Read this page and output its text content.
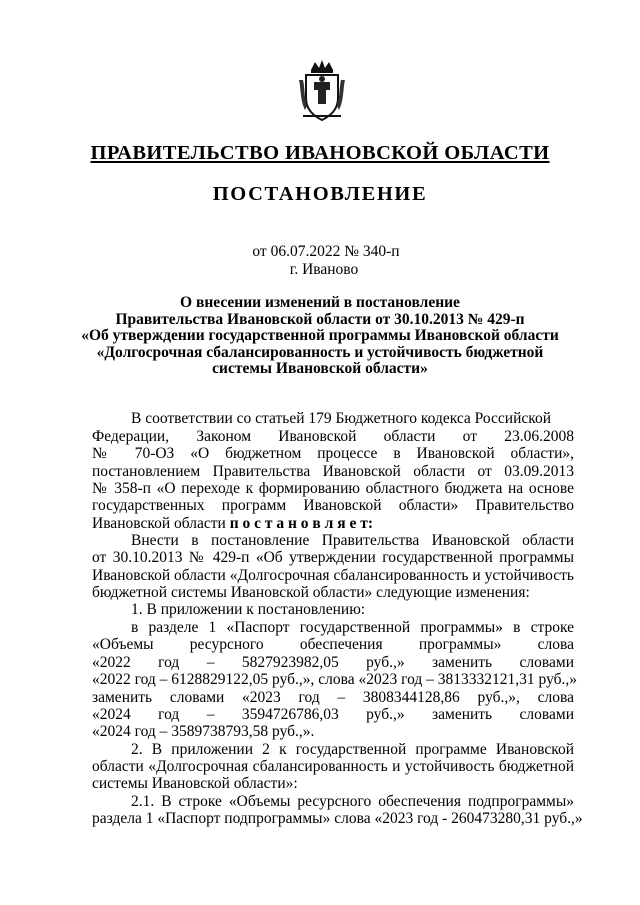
ПРАВИТЕЛЬСТВО ИВАНОВСКОЙ ОБЛАСТИ
ПОСТАНОВЛЕНИЕ
от 06.07.2022 № 340-п
г. Иваново
О внесении изменений в постановление
Правительства Ивановской области от 30.10.2013 № 429-п
«Об утверждении государственной программы Ивановской области
«Долгосрочная сбалансированность и устойчивость бюджетной
системы Ивановской области»
В соответствии со статьей 179 Бюджетного кодекса Российской
Федерации, Законом Ивановской области от 23.06.2008
№ 70-ОЗ «О бюджетном процессе в Ивановской области»,
постановлением Правительства Ивановской области от 03.09.2013
№ 358-п «О переходе к формированию областного бюджета на основе
государственных программ Ивановской области» Правительство
Ивановской области п о с т а н о в л я е т:
Внести в постановление Правительства Ивановской области
от 30.10.2013 № 429-п «Об утверждении государственной программы
Ивановской области «Долгосрочная сбалансированность и устойчивость
бюджетной системы Ивановской области» следующие изменения:
1. В приложении к постановлению:
в разделе 1 «Паспорт государственной программы» в строке
«Объемы ресурсного обеспечения программы» слова
«2022 год – 5827923982,05 руб.,» заменить словами
«2022 год – 6128829122,05 руб.,», слова «2023 год – 3813332121,31 руб.,»
заменить словами «2023 год – 3808344128,86 руб.,», слова
«2024 год – 3594726786,03 руб.,» заменить словами
«2024 год – 3589738793,58 руб.,».
2. В приложении 2 к государственной программе Ивановской
области «Долгосрочная сбалансированность и устойчивость бюджетной
системы Ивановской области»:
2.1. В строке «Объемы ресурсного обеспечения подпрограммы»
раздела 1 «Паспорт подпрограммы» слова «2023 год - 260473280,31 руб.,»
